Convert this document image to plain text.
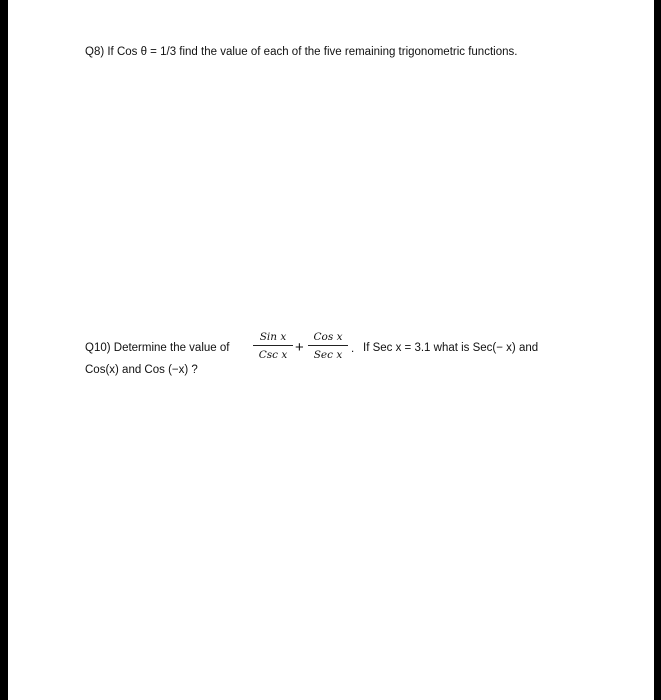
Q8) If Cos θ = 1/3 find the value of each of the five remaining trigonometric functions.
Q10) Determine the value of
Sin x
Csc x +
Cos x
Sec x . If Sec x = 3.1 what is Sec(− x) and
Cos(x) and Cos (−x) ?
